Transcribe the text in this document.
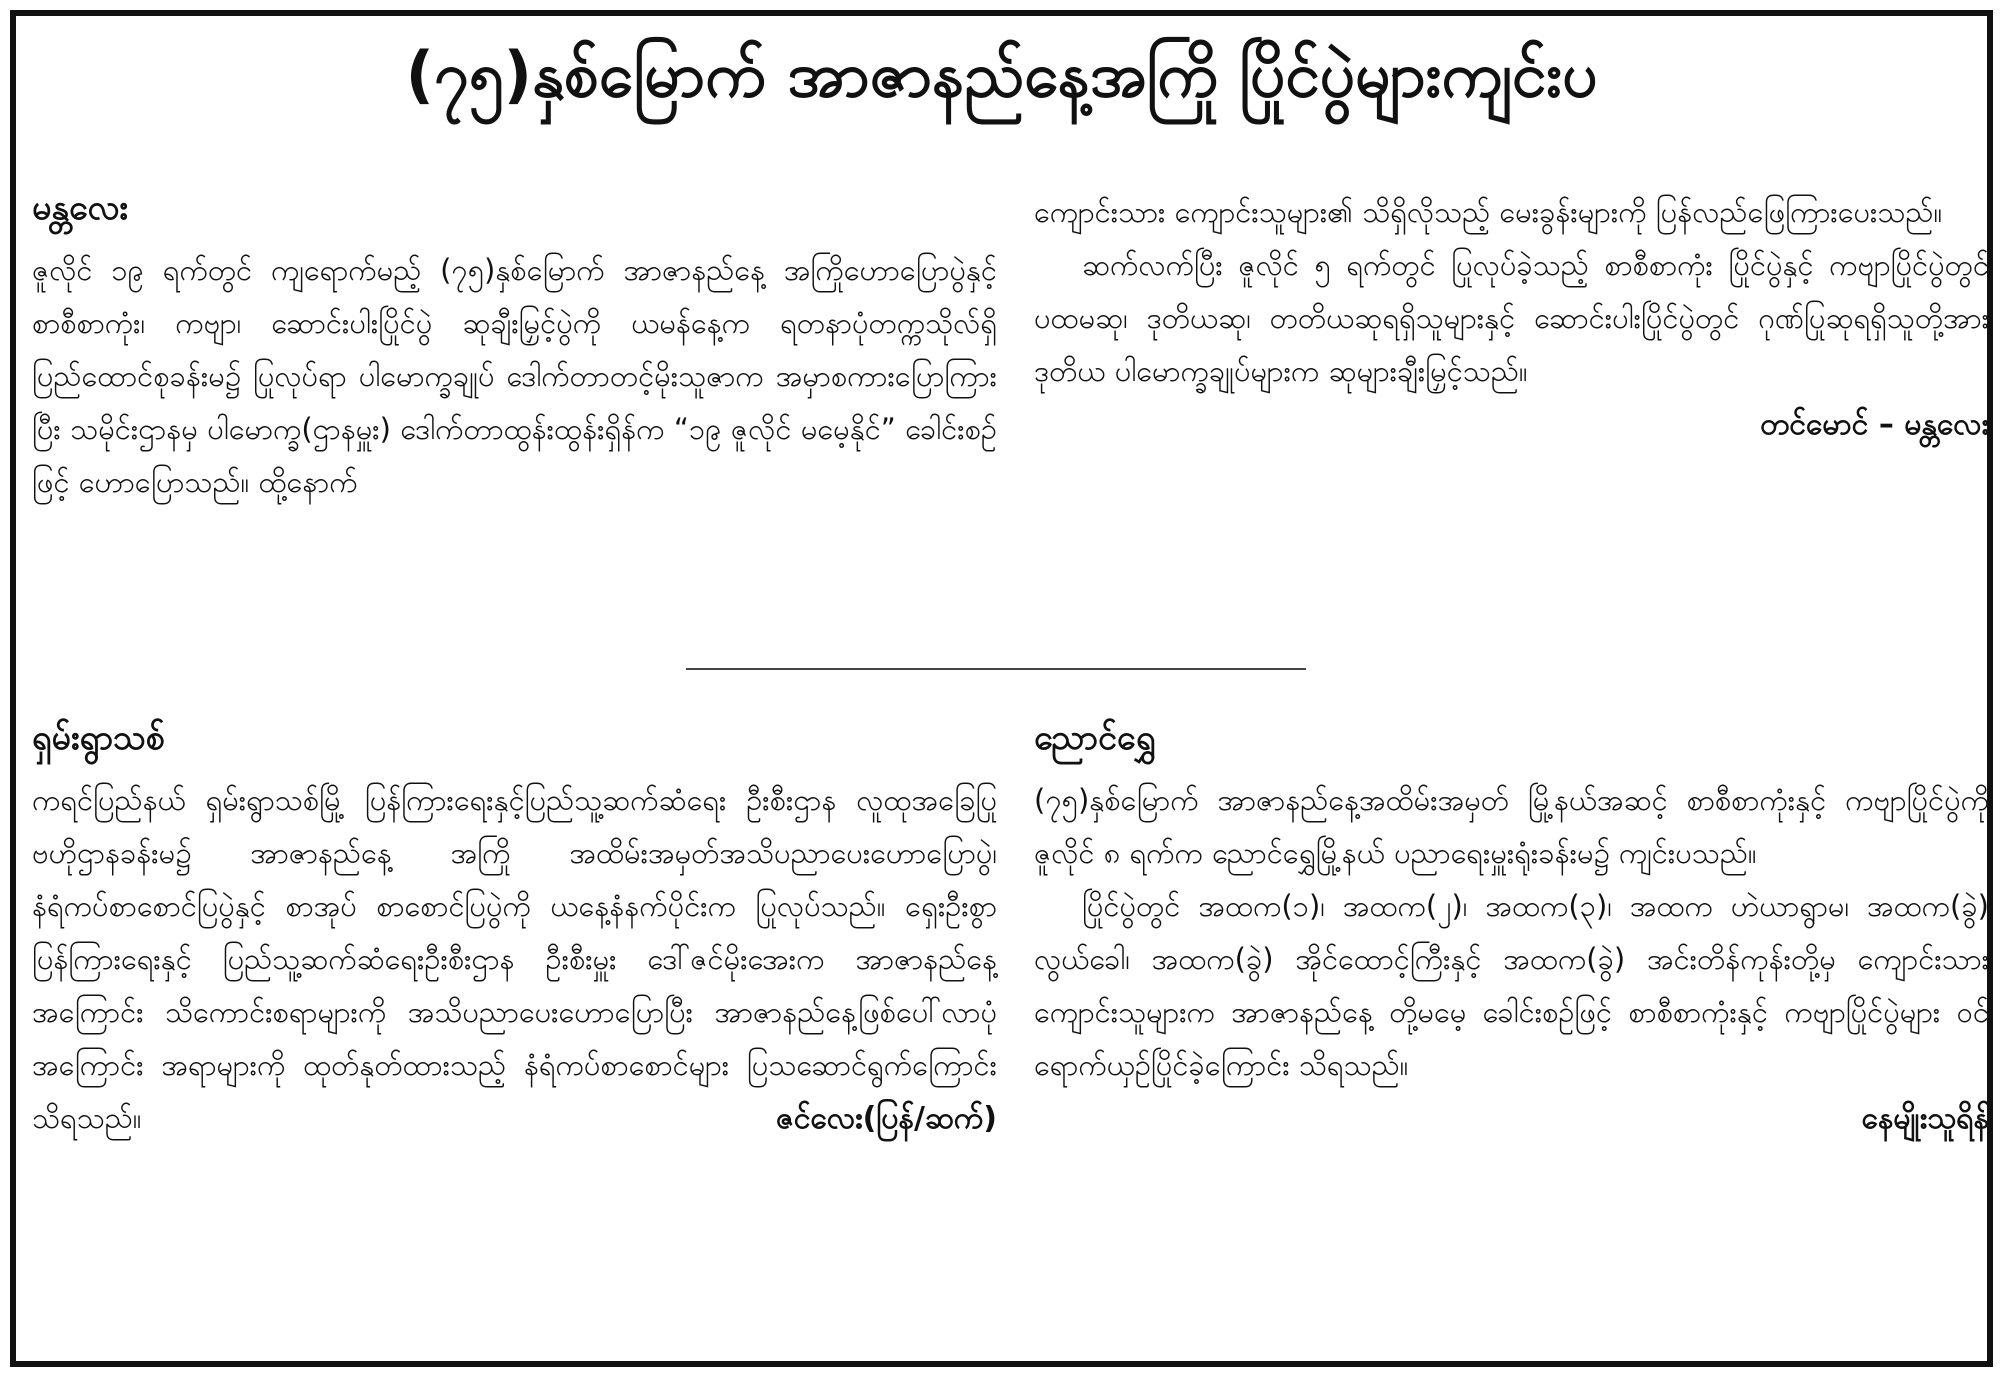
(၇၅)နှစ်မြောက် အာဇာနည်နေ့အကြို ပြိုင်ပွဲများကျင်းပ
မန္တလေး

ဇူလိုင် ၁၉ ရက်တွင် ကျရောက်မည့် (၇၅)နှစ်မြောက် အာဇာနည်နေ့ အကြိုဟောပြောပွဲနှင့် စာစီစာကုံး၊ ကဗျာ၊ ဆောင်းပါးပြိုင်ပွဲ ဆုချီးမြှင့်ပွဲကို ယမန်နေ့က ရတနာပုံတက္ကသိုလ်ရှိ ပြည်ထောင်စုခန်းမ၌ ပြုလုပ်ရာ ပါမောက္ခချုပ် ဒေါက်တာတင့်မိုးသူဇာက အမှာစကားပြောကြားပြီး သမိုင်းဌာနမှ ပါမောက္ခ(ဌာနမှူး) ဒေါက်တာထွန်းထွန်းရှိန်က “၁၉ ဇူလိုင် မမေ့နိုင်” ခေါင်းစဉ်ဖြင့် ဟောပြောသည်။ ထို့နောက်

ကျောင်းသား ကျောင်းသူများ၏ သိရှိလိုသည့် မေးခွန်းများကို ပြန်လည်ဖြေကြားပေးသည်။

ဆက်လက်ပြီး ဇူလိုင် ၅ ရက်တွင် ပြုလုပ်ခဲ့သည့် စာစီစာကုံး ပြိုင်ပွဲနှင့် ကဗျာပြိုင်ပွဲတွင် ပထမဆု၊ ဒုတိယဆု၊ တတိယဆုရရှိသူများနှင့် ဆောင်းပါးပြိုင်ပွဲတွင် ဂုဏ်ပြုဆုရရှိသူတို့အား ဒုတိယ ပါမောက္ခချုပ်များက ဆုများချီးမြှင့်သည်။

တင်မောင် – မန္တလေး
ရှမ်းရွာသစ်

ကရင်ပြည်နယ် ရှမ်းရွာသစ်မြို့ ပြန်ကြားရေးနှင့်ပြည်သူ့ဆက်ဆံရေး ဦးစီးဌာန လူထုအခြေပြုဗဟိုဌာနခန်းမ၌ အာဇာနည်နေ့ အကြို အထိမ်းအမှတ်အသိပညာပေးဟောပြောပွဲ၊ နံရံကပ်စာစောင်ပြပွဲနှင့် စာအုပ် စာစောင်ပြပွဲကို ယနေ့နံနက်ပိုင်းက ပြုလုပ်သည်။ ရှေးဦးစွာ ပြန်ကြားရေးနှင့် ပြည်သူ့ဆက်ဆံရေးဦးစီးဌာန ဦးစီးမှူး ဒေါ်ဇင်မိုးအေးက အာဇာနည်နေ့အကြောင်း သိကောင်းစရာများကို အသိပညာပေးဟောပြောပြီး အာဇာနည်နေ့ဖြစ်ပေါ်လာပုံအကြောင်း အရာများကို ထုတ်နုတ်ထားသည့် နံရံကပ်စာစောင်များ ပြသဆောင်ရွက်ကြောင်း သိရသည်။	ဇင်လေး(ပြန်/ဆက်)

ညောင်ရွှေ

(၇၅)နှစ်မြောက် အာဇာနည်နေ့အထိမ်းအမှတ် မြို့နယ်အဆင့် စာစီစာကုံးနှင့် ကဗျာပြိုင်ပွဲကို ဇူလိုင် ၈ ရက်က ညောင်ရွှေမြို့နယ် ပညာရေးမှူးရုံးခန်းမ၌ ကျင်းပသည်။

ပြိုင်ပွဲတွင် အထက(၁)၊ အထက(၂)၊ အထက(၃)၊ အထက ဟဲယာရွာမ၊ အထက(ခွဲ) လွယ်ခေါ၊ အထက(ခွဲ) အိုင်ထောင့်ကြီးနှင့် အထက(ခွဲ) အင်းတိန်ကုန်းတို့မှ ကျောင်းသား ကျောင်းသူများက အာဇာနည်နေ့ တို့မမေ့ ခေါင်းစဉ်ဖြင့် စာစီစာကုံးနှင့် ကဗျာပြိုင်ပွဲများ ဝင်ရောက်ယှဉ်ပြိုင်ခဲ့ကြောင်း သိရသည်။

နေမျိုးသူရိန်
